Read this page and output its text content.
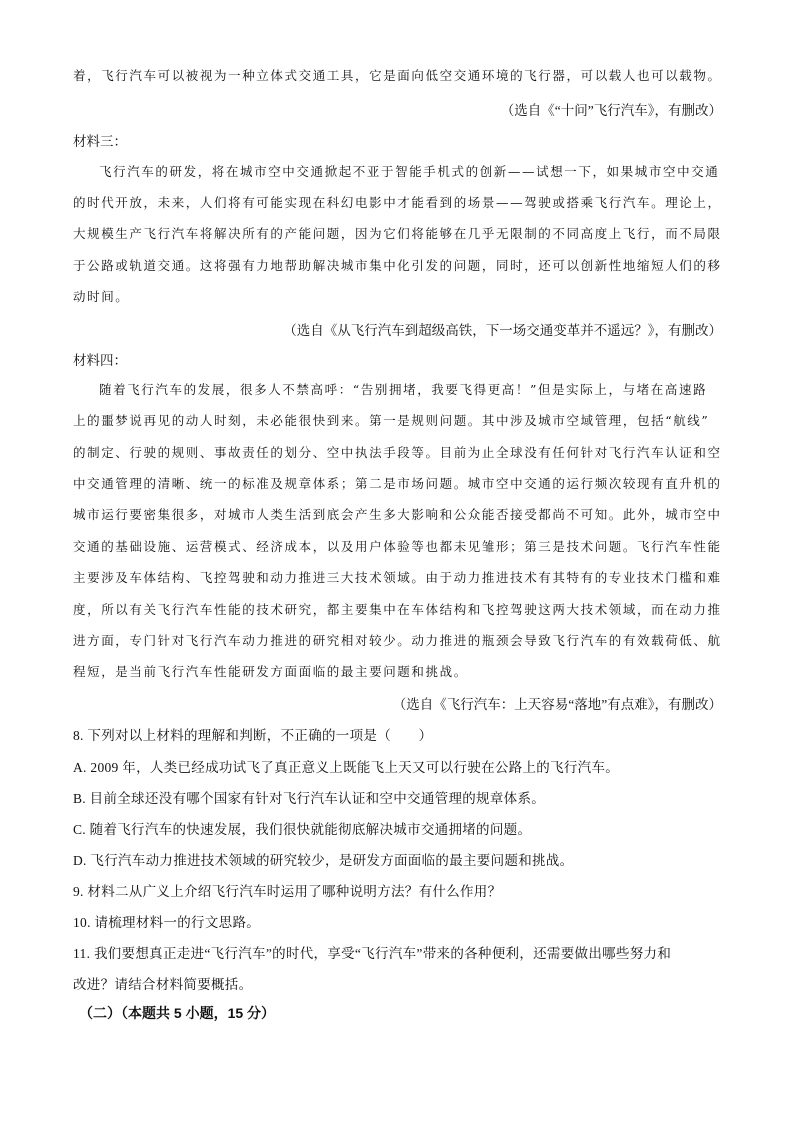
着，飞行汽车可以被视为一种立体式交通工具，它是面向低空交通环境的飞行器，可以载人也可以载物。
（选自《“十问”飞行汽车》，有删改）
材料三：
飞行汽车的研发，将在城市空中交通掀起不亚于智能手机式的创新——试想一下，如果城市空中交通
的时代开放，未来，人们将有可能实现在科幻电影中才能看到的场景——驾驶或搭乘飞行汽车。理论上，
大规模生产飞行汽车将解决所有的产能问题，因为它们将能够在几乎无限制的不同高度上飞行，而不局限
于公路或轨道交通。这将强有力地帮助解决城市集中化引发的问题，同时，还可以创新性地缩短人们的移
动时间。
（选自《从飞行汽车到超级高铁，下一场交通变革并不遥远？》，有删改）
材料四：
随着飞行汽车的发展，很多人不禁高呼：“告别拥堵，我要飞得更高！”但是实际上，与堵在高速路
上的噩梦说再见的动人时刻，未必能很快到来。第一是规则问题。其中涉及城市空域管理，包括“航线”
的制定、行驶的规则、事故责任的划分、空中执法手段等。目前为止全球没有任何针对飞行汽车认证和空
中交通管理的清晰、统一的标准及规章体系；第二是市场问题。城市空中交通的运行频次较现有直升机的
城市运行要密集很多，对城市人类生活到底会产生多大影响和公众能否接受都尚不可知。此外，城市空中
交通的基础设施、运营模式、经济成本，以及用户体验等也都未见雏形；第三是技术问题。飞行汽车性能
主要涉及车体结构、飞控驾驶和动力推进三大技术领域。由于动力推进技术有其特有的专业技术门槛和难
度，所以有关飞行汽车性能的技术研究，都主要集中在车体结构和飞控驾驶这两大技术领域，而在动力推
进方面，专门针对飞行汽车动力推进的研究相对较少。动力推进的瓶颈会导致飞行汽车的有效载荷低、航
程短，是当前飞行汽车性能研发方面面临的最主要问题和挑战。
（选自《飞行汽车：上天容易“落地”有点难》，有删改）
8. 下列对以上材料的理解和判断，不正确的一项是（　　）
A. 2009 年，人类已经成功试飞了真正意义上既能飞上天又可以行驶在公路上的飞行汽车。
B. 目前全球还没有哪个国家有针对飞行汽车认证和空中交通管理的规章体系。
C. 随着飞行汽车的快速发展，我们很快就能彻底解决城市交通拥堵的问题。
D. 飞行汽车动力推进技术领域的研究较少，是研发方面面临的最主要问题和挑战。
9. 材料二从广义上介绍飞行汽车时运用了哪种说明方法？有什么作用？
10. 请梳理材料一的行文思路。
11. 我们要想真正走进“飞行汽车”的时代，享受“飞行汽车”带来的各种便利，还需要做出哪些努力和
改进？请结合材料简要概括。
（二）（本题共 5 小题，15 分）
